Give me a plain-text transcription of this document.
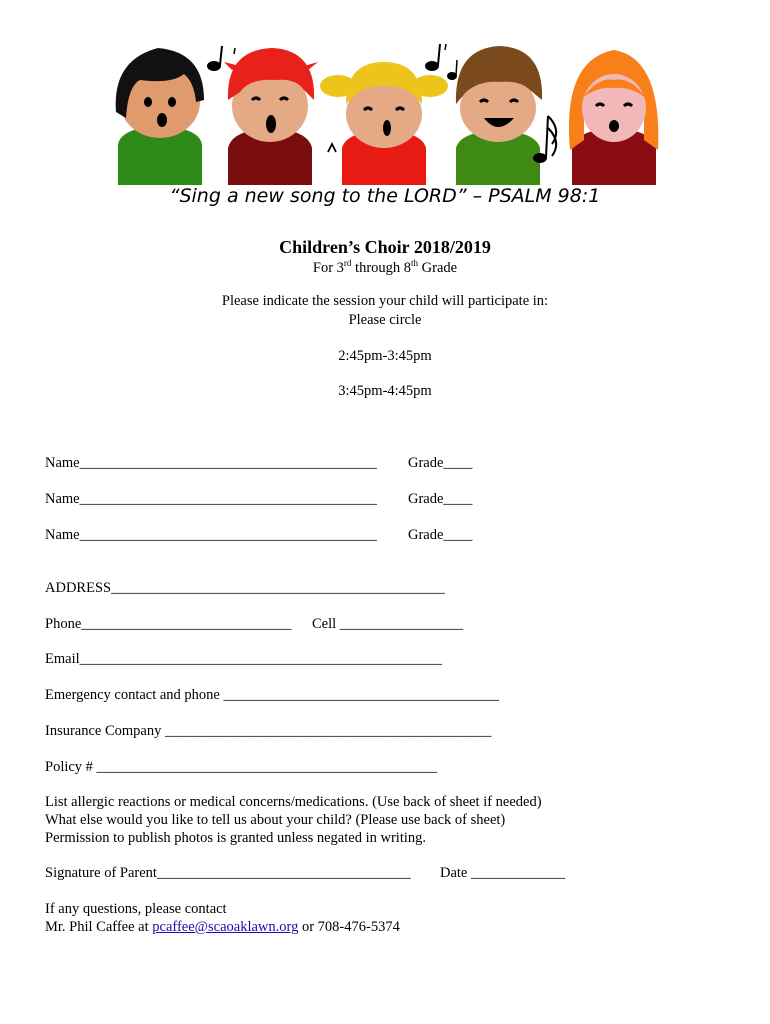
“Sing a new song to the LORD” – PSALM 98:1
Children’s Choir 2018/2019
For 3rd through 8th Grade
Please indicate the session your child will participate in:
Please circle
2:45pm-3:45pm
3:45pm-4:45pm
Name_________________________________________ Grade____
Name_________________________________________ Grade____
Name_________________________________________ Grade____
ADDRESS______________________________________________
Phone_____________________________ Cell _________________
Email__________________________________________________
Emergency contact and phone ______________________________________
Insurance Company _____________________________________________
Policy # _______________________________________________
List allergic reactions or medical concerns/medications. (Use back of sheet if needed)
What else would you like to tell us about your child? (Please use back of sheet)
Permission to publish photos is granted unless negated in writing.
Signature of Parent___________________________________ Date _____________
If any questions, please contact
Mr. Phil Caffee at pcaffee@scaoaklawn.org or 708-476-5374
